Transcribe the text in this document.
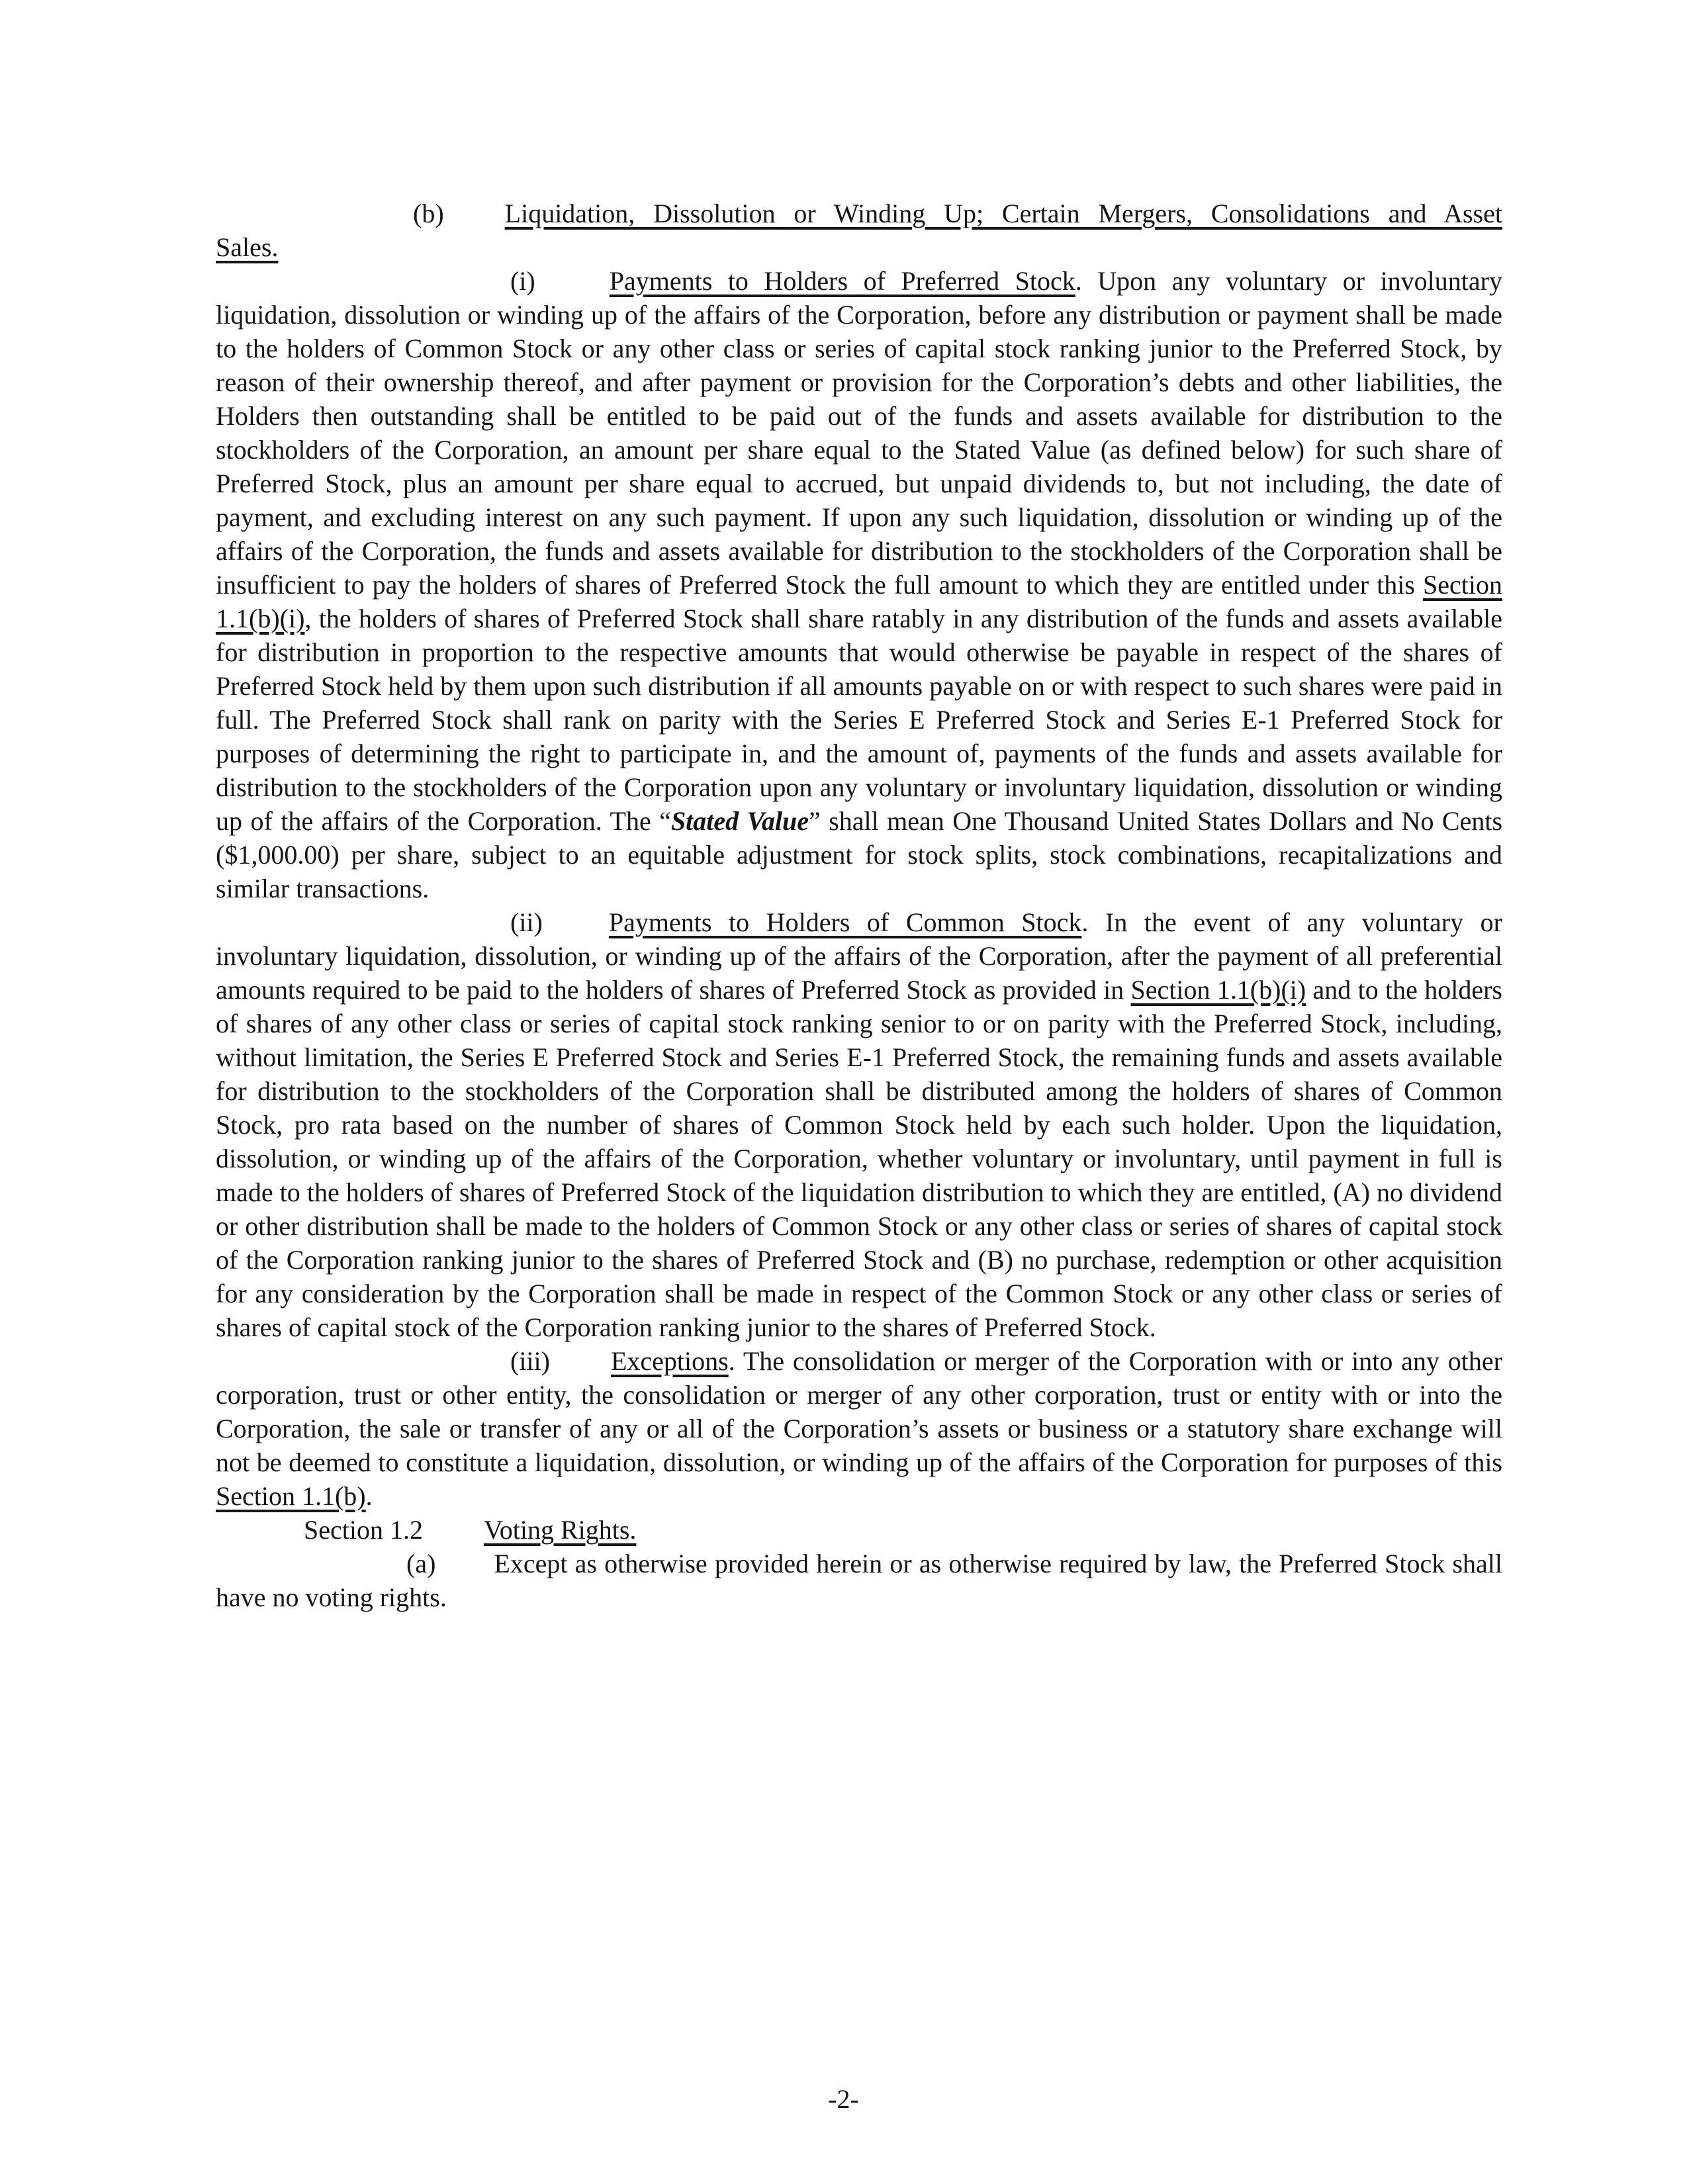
(b) Liquidation, Dissolution or Winding Up; Certain Mergers, Consolidations and Asset Sales.

(i)	Payments to Holders of Preferred Stock. Upon any voluntary or involuntary liquidation, dissolution or winding up of the affairs of the Corporation, before any distribution or payment shall be made to the holders of Common Stock or any other class or series of capital stock ranking junior to the Preferred Stock, by reason of their ownership thereof, and after payment or provision for the Corporation’s debts and other liabilities, the Holders then outstanding shall be entitled to be paid out of the funds and assets available for distribution to the stockholders of the Corporation, an amount per share equal to the Stated Value (as defined below) for such share of Preferred Stock, plus an amount per share equal to accrued, but unpaid dividends to, but not including, the date of payment, and excluding interest on any such payment. If upon any such liquidation, dissolution or winding up of the affairs of the Corporation, the funds and assets available for distribution to the stockholders of the Corporation shall be insufficient to pay the holders of shares of Preferred Stock the full amount to which they are entitled under this Section 1.1(b)(i), the holders of shares of Preferred Stock shall share ratably in any distribution of the funds and assets available for distribution in proportion to the respective amounts that would otherwise be payable in respect of the shares of Preferred Stock held by them upon such distribution if all amounts payable on or with respect to such shares were paid in full. The Preferred Stock shall rank on parity with the Series E Preferred Stock and Series E-1 Preferred Stock for purposes of determining the right to participate in, and the amount of, payments of the funds and assets available for distribution to the stockholders of the Corporation upon any voluntary or involuntary liquidation, dissolution or winding up of the affairs of the Corporation. The “Stated Value” shall mean One Thousand United States Dollars and No Cents ($1,000.00) per share, subject to an equitable adjustment for stock splits, stock combinations, recapitalizations and similar transactions.

(ii)	Payments to Holders of Common Stock. In the event of any voluntary or involuntary liquidation, dissolution, or winding up of the affairs of the Corporation, after the payment of all preferential amounts required to be paid to the holders of shares of Preferred Stock as provided in Section 1.1(b)(i) and to the holders of shares of any other class or series of capital stock ranking senior to or on parity with the Preferred Stock, including, without limitation, the Series E Preferred Stock and Series E-1 Preferred Stock, the remaining funds and assets available for distribution to the stockholders of the Corporation shall be distributed among the holders of shares of Common Stock, pro rata based on the number of shares of Common Stock held by each such holder. Upon the liquidation, dissolution, or winding up of the affairs of the Corporation, whether voluntary or involuntary, until payment in full is made to the holders of shares of Preferred Stock of the liquidation distribution to which they are entitled, (A) no dividend or other distribution shall be made to the holders of Common Stock or any other class or series of shares of capital stock of the Corporation ranking junior to the shares of Preferred Stock and (B) no purchase, redemption or other acquisition for any consideration by the Corporation shall be made in respect of the Common Stock or any other class or series of shares of capital stock of the Corporation ranking junior to the shares of Preferred Stock.

(iii) Exceptions. The consolidation or merger of the Corporation with or into any other corporation, trust or other entity, the consolidation or merger of any other corporation, trust or entity with or into the Corporation, the sale or transfer of any or all of the Corporation’s assets or business or a statutory share exchange will not be deemed to constitute a liquidation, dissolution, or winding up of the affairs of the Corporation for purposes of this Section 1.1(b).

Section 1.2 Voting Rights.

(a) Except as otherwise provided herein or as otherwise required by law, the Preferred Stock shall have no voting rights.

-2-
